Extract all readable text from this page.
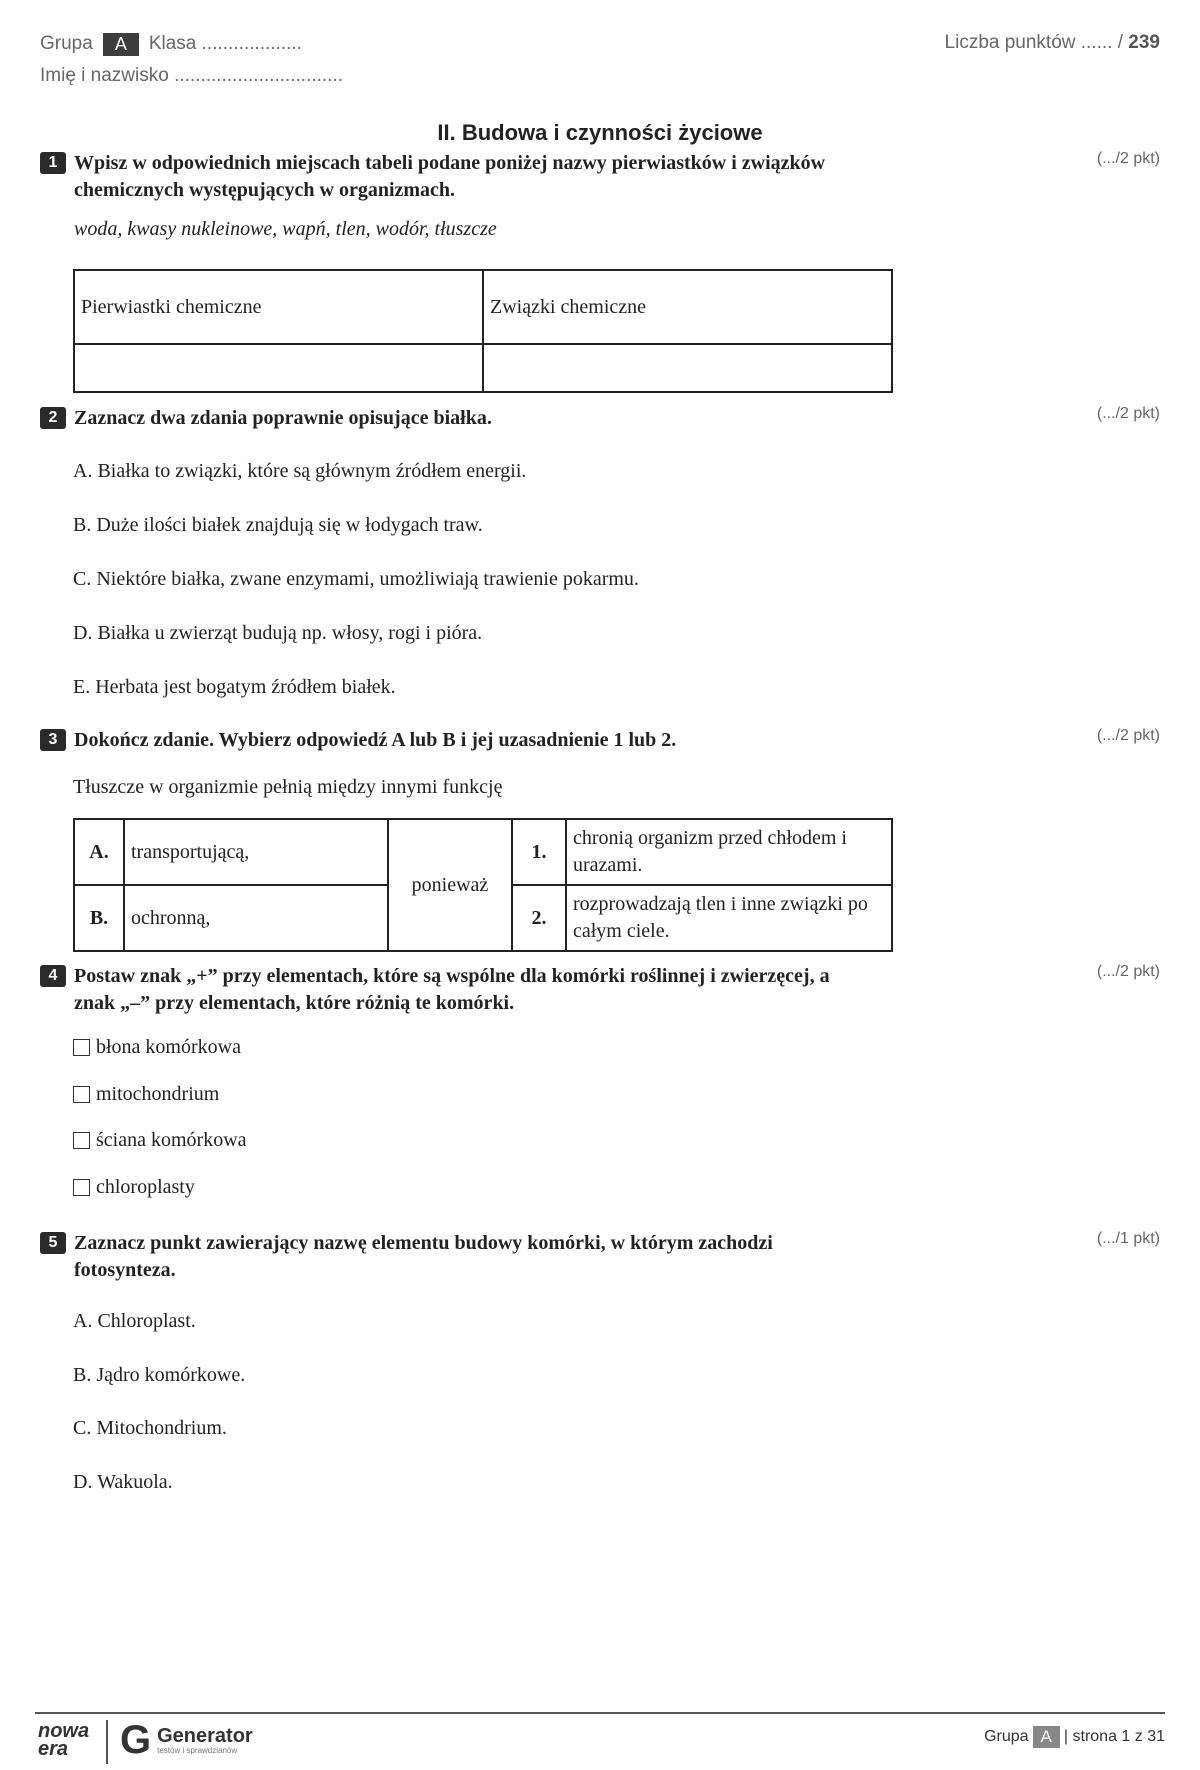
Grupa	A	Klasa ...................
Imię i nazwisko ................................
Liczba punktów ...... / 239
II. Budowa i czynności życiowe
1 Wpisz w odpowiednich miejscach tabeli podane poniżej nazwy pierwiastków i związków chemicznych występujących w organizmach.
(.../2 pkt)
woda, kwasy nukleinowe, wapń, tlen, wodór, tłuszcze
Pierwiastki chemiczne	Związki chemiczne

2 Zaznacz dwa zdania poprawnie opisujące białka.	(.../2 pkt)
A. Białka to związki, które są głównym źródłem energii.
B. Duże ilości białek znajdują się w łodygach traw.
C. Niektóre białka, zwane enzymami, umożliwiają trawienie pokarmu.
D. Białka u zwierząt budują np. włosy, rogi i pióra.
E. Herbata jest bogatym źródłem białek.
3 Dokończ zdanie. Wybierz odpowiedź A lub B i jej uzasadnienie 1 lub 2.	(.../2 pkt)
Tłuszcze w organizmie pełnią między innymi funkcję
A.	transportującą,	ponieważ	1.	chronią organizm przed chłodem i urazami.
B.	ochronną,		2.	rozprowadzają tlen i inne związki po całym ciele.
4 Postaw znak „+” przy elementach, które są wspólne dla komórki roślinnej i zwierzęcej, a znak „–” przy elementach, które różnią te komórki.
(.../2 pkt)
błona komórkowa
mitochondrium
ściana komórkowa
chloroplasty
5 Zaznacz punkt zawierający nazwę elementu budowy komórki, w którym zachodzi fotosynteza.
(.../1 pkt)
A. Chloroplast.
B. Jądro komórkowe.
C. Mitochondrium.
D. Wakuola.
nowa
era	G Generator
testów i sprawdzianów
Grupa A | strona 1 z 31
